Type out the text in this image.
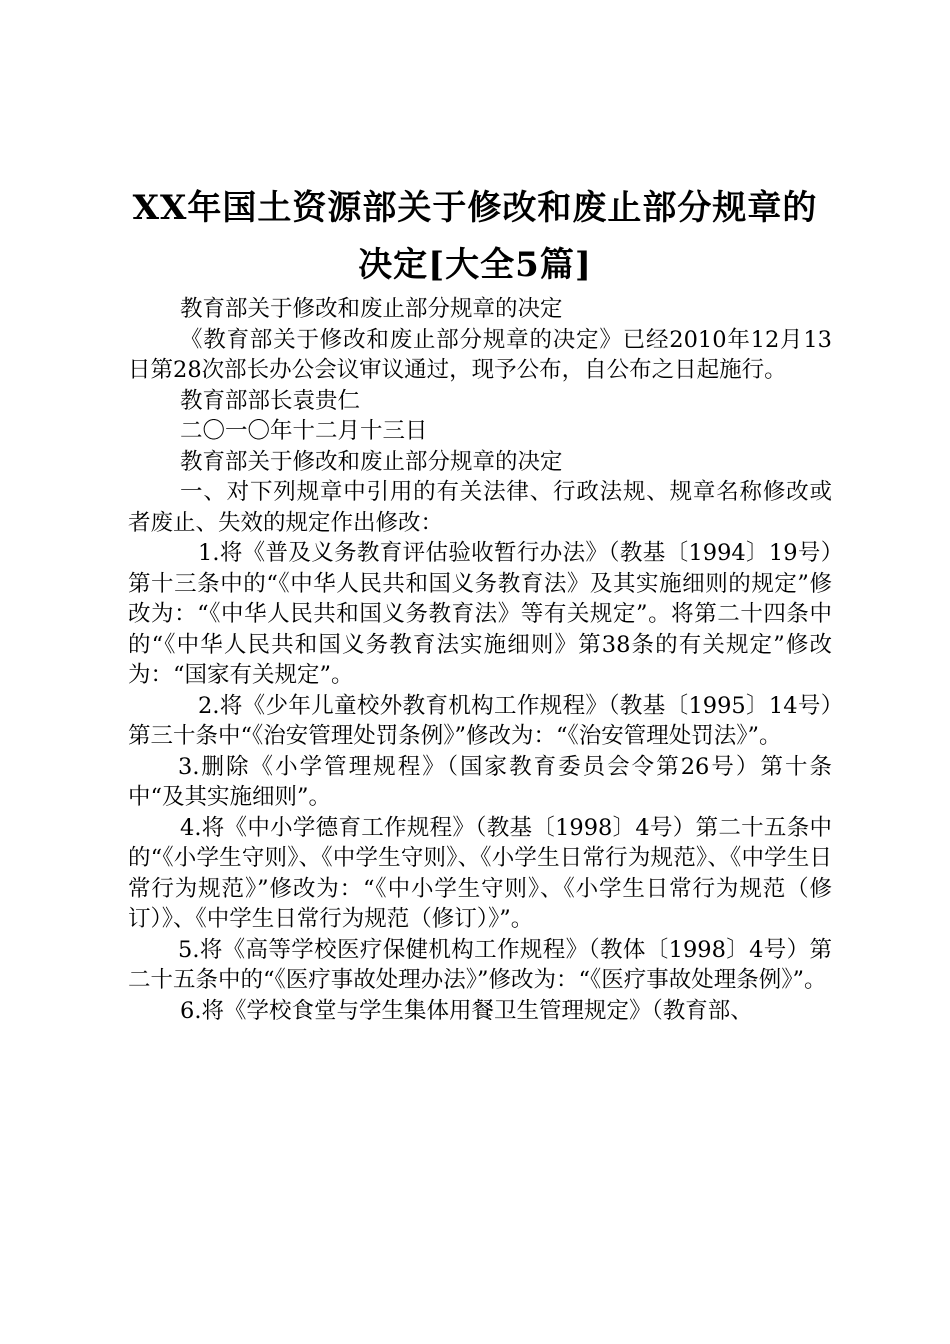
XX年国土资源部关于修改和废止部分规章的
决定[大全5篇]

教育部关于修改和废止部分规章的决定

《教育部关于修改和废止部分规章的决定》已经2010年12月13日第28次部长办公会议审议通过，现予公布，自公布之日起施行。

教育部部长袁贵仁

二〇一〇年十二月十三日

教育部关于修改和废止部分规章的决定

一、对下列规章中引用的有关法律、行政法规、规章名称修改或者废止、失效的规定作出修改：

1.将《普及义务教育评估验收暂行办法》（教基〔1994〕19号）第十三条中的“《中华人民共和国义务教育法》及其实施细则的规定”修改为：“《中华人民共和国义务教育法》等有关规定”。将第二十四条中的“《中华人民共和国义务教育法实施细则》第38条的有关规定”修改为：“国家有关规定”。

2.将《少年儿童校外教育机构工作规程》（教基〔1995〕14号）第三十条中“《治安管理处罚条例》”修改为：“《治安管理处罚法》”。

3.删除《小学管理规程》（国家教育委员会令第26号）第十条中“及其实施细则”。

4.将《中小学德育工作规程》（教基〔1998〕4号）第二十五条中的“《小学生守则》、《中学生守则》、《小学生日常行为规范》、《中学生日常行为规范》”修改为：“《中小学生守则》、《小学生日常行为规范（修订）》、《中学生日常行为规范（修订）》”。

5.将《高等学校医疗保健机构工作规程》（教体〔1998〕4号）第二十五条中的“《医疗事故处理办法》”修改为：“《医疗事故处理条例》”。

6.将《学校食堂与学生集体用餐卫生管理规定》（教育部、
